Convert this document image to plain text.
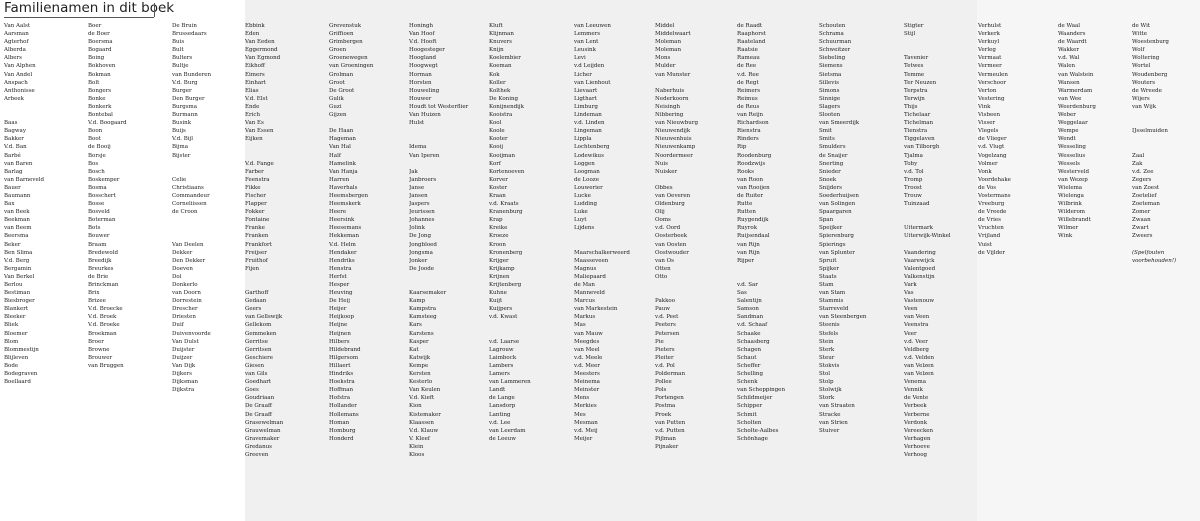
Familienamen in dit boek
Van Aalst
Aarsman
Agterhof
Alberda
Albers
Van Alphen
Van Andel
Anspach
Anthonisse
Arbeek
Baas
Bagway
Bakker
V.d. Ban
Barbé
van Baren
Barlag
van Barneveld
Bauer
Baumann
Bax
van Beek
Beekman
van Beem
Beersma
Beker
Ben Slima
V.d. Berg
Bergamin
Van Berkel
Berlou
Bestiman
Biesbroger
Blankert
Bleeker
Bliek
Bloemer
Blom
Blommestijn
Blijleven
Bode
Bodegraven
Boellaard
Boer
de Boer
Boersma
Bogaard
Boing
Bokhoven
Bokman
Bolt
Bongers
Bonke
Bonkerk
Bontebal
V.d. Boogaard
Boon
Boot
de Booij
Borsje
Bos
Bosch
Boskemper
Bosma
Bosschert
Bosse
Bosveld
Boterman
Bots
Bouwer
Braam
Bredewold
Breedijk
Breurkes
de Brie
Brinckman
Brix
Brizee
V.d. Broecke
V.d. Broek
V.d. Broeke
Broekman
Broer
Browne
Brouwer
van Bruggen
De Bruin
Brussedaars
Buis
Bult
Bulters
Bultje
van Bunderen
V.d. Burg
Burger
Den Burger
Burgsma
Burmann
Busink
Buijs
V.d. Bijl
Bijma
Bijster
Celie
Christiaans
Commandeur
Corneliissen
de Croon
Van Deelen
Dekker
Den Dekker
Doeven
Dol
Donkerlo
van Doorn
Dorrestein
Drescher
Driesten
Duif
Duivenvoorde
Van Dulst
Duijster
Duijzer
Van Dijk
Dijkers
Dijksman
Dijkstra
Ebbink
Eden
Van Eeden
Eggermond
Van Egmond
Eikhoff
Eimers
Einhart
Elias
V.d. Elst
Ende
Erich
Van Es
Van Essen
Eijken
V.d. Fange
Farber
Feenstra
Fikke
Fischer
Flapper
Fokker
Fontaine
Franke
Franken
Frankfort
Freijser
Fruithof
Fijen
Garthoff
Gedaan
Geers
van Gellswijk
Gellekom
Gemmeken
Gerritse
Gerritsen
Geschiere
Giesen
van Gils
Goedhart
Goes
Goudriaan
De Graaff
De Graaff
Grasewelman
Grauwelman
Gravemaker
Gredanus
Greeven
Grevenstuk
Griffioen
Grimbergen
Groen
Groenewegen
van Groeningen
Grolman
Groot
De Groot
Gulik
Guzi
Gijzen
De Haan
Hageman
Van Hal
Half
Hamelink
Van Hanja
Harren
Haverhals
Heemsbergen
Heemskerk
Heere
Heersink
Heesemans
Hekkeman
V.d. Helm
Hendaker
Hendriks
Henstra
Herfst
Hesper
Heuving
De Heij
Heijer
Heijkoop
Heijne
Heijnen
Hilbers
Hildebrand
Hilgersom
Hillaert
Hindriks
Hoekstra
Hoffman
Hofstra
Hollander
Hollemans
Homan
Homburg
Honderd
Honingh
Van Hoof
V.d. Hooft
Hoogesteger
Hoogland
Hoogwegt
Horman
Horsten
Houweling
Houwer
Houdt tot Westerflier
Van Huizen
Hulst
Idema
Van Iperen
Jak
Janbroers
Janse
Jansen
Jaspers
Jeurissen
Johannes
Jolink
De Jong
Jongbloed
Jongsma
Jonker
De Joode
Kaarsemaker
Kamp
Kampstra
Kamsteeg
Kars
Karstens
Kasper
Kat
Katwijk
Kempe
Kersten
Kesterlo
Van Keulen
V.d. Kieft
Kion
Kistemaker
Klaassen
V.d. Klauw
V. Kleef
Klein
Kloos
Kluft
Klijnman
Knuvers
Knijn
Koelembier
Koeman
Kok
Koller
Kolthek
De Koning
Konijnendijk
Kooistra
Kool
Koole
Kooter
Kooij
Kooijman
Korf
Kortenoeven
Korver
Koster
Kraan
v.d. Kraats
Kranenburg
Krap
Kreike
Kroeze
Kroon
Kronenberg
Krijger
Krijkamp
Krijnen
Krijtenberg
Kuhne
Kuijt
Kuijpers
v.d. Kwast
v.d. Laarse
Lagrouw
Laimbock
Lambers
Lamers
van Lammeren
Landt
de Lange
Lansdorp
Lanting
v.d. Lee
van Leerdam
de Leeuw
van Leeuwen
Lemmers
van Lent
Leusink
Levi
v.d Leijden
Licher
van Lienhout
Lievaart
Ligthart
Limburg
Lindeman
v.d. Linden
Lingeman
Lippla
Lochtenberg
Lodewikus
Loggen
Loogman
de Looze
Louwerier
Lucke
Ludding
Luke
Luyt
Lijdens
Maarschalkerweerd
Maasseveen
Magnus
Maliepaard
de Man
Manneveld
Marcus
van Markestein
Markus
Mas
van Mauw
Meegdes
van Meel
v.d. Meele
v.d. Meer
Meesters
Meinema
Meinster
Mens
Merkies
Mes
Mesman
v.d. Meij
Meijer
Middel
Middelwaart
Moleman
Moleman
Mons
Mulder
van Munster
Naberhuis
Nederkoorn
Neisingh
Nibbering
van Nieuwburg
Nieuwendijk
Nieuwenhuis
Nieuwenkamp
Noordermeer
Nuis
Nuisker
Obbes
van Oeveren
Oldenburg
Olij
Ooms
v.d. Oord
Oosterbeek
van Oosten
Oostwouder
van Os
Otten
Otto
Pakkoo
Pauw
v.d. Peet
Peeters
Petersen
Pie
Pieters
Pleiter
v.d. Pol
Polderman
Pollee
Pols
Portengen
Postma
Proek
van Putten
v.d. Putten
Pijlman
Pijnaker
de Raadt
Raaphorst
Raateland
Raatsie
Rameau
de Ree
v.d. Ree
de Regt
Reimers
Reimus
de Reus
van Reijn
Richardson
Rienstra
Rinders
Rip
Roodenburg
Roodzwijs
Rooks
van Roon
van Rooijen
de Ruiter
Rutte
Rutten
Ruygendijk
Ruyrok
Ruijsendaal
van Rijn
van Rijn
Rijper
v.d. Sar
Sas
Salentijn
Samson
Sandman
v.d. Schaaf
Schaake
Schaasberg
Schagen
Schaut
Scheffer
Schelling
Schenk
van Scheppingen
Schildmeijer
Schipper
Schmit
Scholten
Scholte-Aalbes
Schönhage
Schouten
Schrama
Schuurman
Schweitzer
Siebeling
Siemens
Sietsma
Sillevis
Simons
Sinnige
Slagers
Slooten
van Smeerdijk
Smit
Smits
Smulders
de Snaijer
Snerting
Snieder
Snoek
Snijders
Soederhuijsen
van Solingen
Spaargaren
Span
Speijker
Spierenburg
Spierings
van Splunter
Spruit
Spijker
Staats
Stam
van Stam
Stammis
Starreveld
van Steenbergen
Steenis
Stefels
Stein
Sterk
Steur
Stokvis
Stol
Stolp
Stolwijk
Stork
van Straaten
Stracke
van Strien
Stuiver
Stigter
Stijl
Tavenier
Tetwes
Temme
Ter Neuzen
Terpstra
Terwijn
Thijs
Tichelaar
Tichelman
Tienstra
Tiggelaven
van Tilborgh
Tjalma
Toby
v.d. Tol
Tromp
Troost
Trouw
Tuinzaad
Uitermark
Uiterwijk-Winkel
Vaandering
Vaarewijck
Valentgoed
Valkenstijn
Vark
Vas
Vastenouw
Veen
van Veen
Veenstra
Veer
v.d. Veer
Veldberg
v.d. Velden
van Velzen
van Velzen
Venema
Vennik
de Vente
Verbeek
Verberne
Verdonk
Vereecken
Verhagen
Verhoeve
Verhoog
Verhulst
Verkerk
Verkuyl
Verleg
Vermaat
Vermeer
Vermeulen
Verschoor
Verton
Vestering
Vink
Visbeen
Visser
Vlegels
de Vlieger
v.d. Vlugt
Vogelzang
Volmer
Vonk
Voordehake
de Vos
Vostermans
Vreeburg
de Vreede
de Vries
Vruchten
Vrijland
Vuist
de Vijlder
de Waal
Waanders
de Waardt
Wakker
v.d. Wal
Walen
van Walstein
Wansen
Warmerdam
van Wee
Weerdenburg
Weber
Weggelaar
Wempe
Wendt
Wesseling
Wesselius
Wessels
Westerveld
van Wezep
Wielema
Wielenga
Wilbrink
Wilderom
Willebrandt
Wilmer
Wink
de Wit
Witte
Woestenburg
Wolf
Woltering
Wortel
Woudenberg
Wouters
de Wreede
Wijers
van Wijk
IJsselmuiden
Zaal
Zak
v.d. Zee
Zegers
van Zoest
Zoetelief
Zoeteman
Zomer
Zwaan
Zwart
Zweers
(Spelfouten
voorbehouden!)
